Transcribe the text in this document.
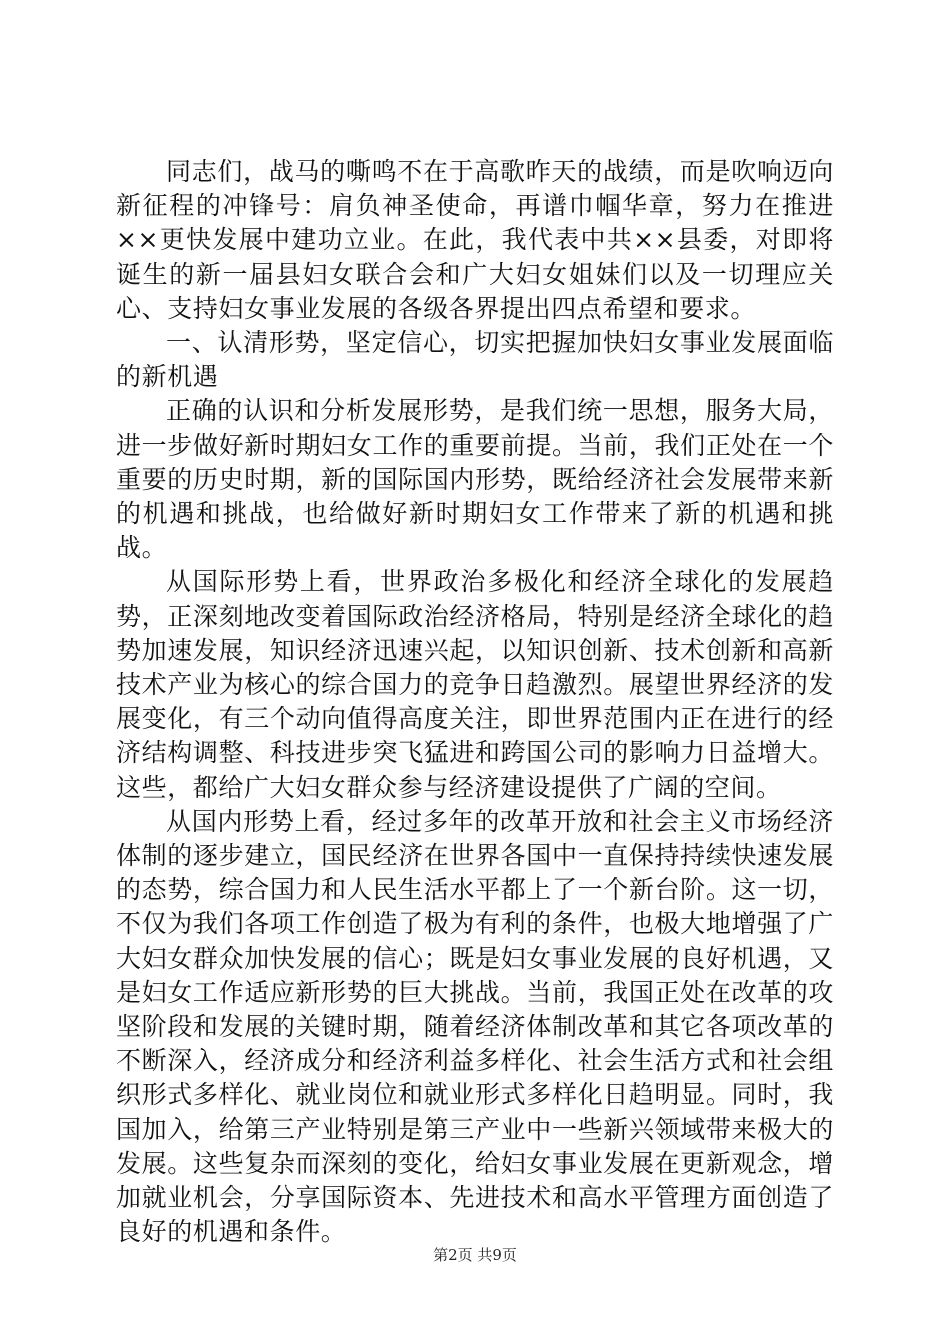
同志们，战马的嘶鸣不在于高歌昨天的战绩，而是吹响迈向新征程的冲锋号：肩负神圣使命，再谱巾帼华章，努力在推进××更快发展中建功立业。在此，我代表中共××县委，对即将诞生的新一届县妇女联合会和广大妇女姐妹们以及一切理应关心、支持妇女事业发展的各级各界提出四点希望和要求。

一、认清形势，坚定信心，切实把握加快妇女事业发展面临的新机遇

正确的认识和分析发展形势，是我们统一思想，服务大局，进一步做好新时期妇女工作的重要前提。当前，我们正处在一个重要的历史时期，新的国际国内形势，既给经济社会发展带来新的机遇和挑战，也给做好新时期妇女工作带来了新的机遇和挑战。

从国际形势上看，世界政治多极化和经济全球化的发展趋势，正深刻地改变着国际政治经济格局，特别是经济全球化的趋势加速发展，知识经济迅速兴起，以知识创新、技术创新和高新技术产业为核心的综合国力的竞争日趋激烈。展望世界经济的发展变化，有三个动向值得高度关注，即世界范围内正在进行的经济结构调整、科技进步突飞猛进和跨国公司的影响力日益增大。这些，都给广大妇女群众参与经济建设提供了广阔的空间。

从国内形势上看，经过多年的改革开放和社会主义市场经济体制的逐步建立，国民经济在世界各国中一直保持持续快速发展的态势，综合国力和人民生活水平都上了一个新台阶。这一切，不仅为我们各项工作创造了极为有利的条件，也极大地增强了广大妇女群众加快发展的信心；既是妇女事业发展的良好机遇，又是妇女工作适应新形势的巨大挑战。当前，我国正处在改革的攻坚阶段和发展的关键时期，随着经济体制改革和其它各项改革的不断深入，经济成分和经济利益多样化、社会生活方式和社会组织形式多样化、就业岗位和就业形式多样化日趋明显。同时，我国加入，给第三产业特别是第三产业中一些新兴领域带来极大的发展。这些复杂而深刻的变化，给妇女事业发展在更新观念，增加就业机会，分享国际资本、先进技术和高水平管理方面创造了良好的机遇和条件。

第2页 共9页
